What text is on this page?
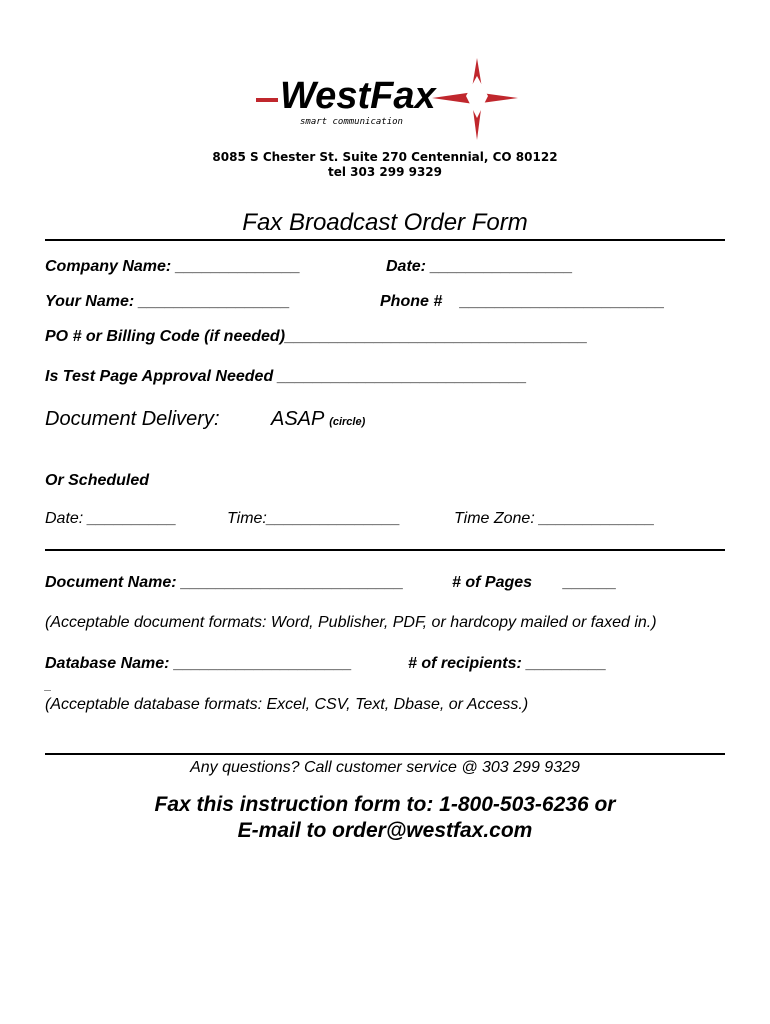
WestFax
smart communication
8085 S Chester St. Suite 270 Centennial, CO 80122
tel 303 299 9329
Fax Broadcast Order Form
Company Name: ______________	Date: ________________
Your Name: _________________	Phone #    _______________________
PO # or Billing Code (if needed)__________________________________
Is Test Page Approval Needed ____________________________
Document Delivery:	ASAP (circle)
Or Scheduled
Date: __________	Time:_______________	Time Zone: _____________
Document Name: _________________________	# of Pages       ______
(Acceptable document formats: Word, Publisher, PDF, or hardcopy mailed or faxed in.)
Database Name: ____________________	# of recipients: _________
_
(Acceptable database formats: Excel, CSV, Text, Dbase, or Access.)
Any questions? Call customer service @ 303 299 9329
Fax this instruction form to: 1-800-503-6236 or
E-mail to order@westfax.com
